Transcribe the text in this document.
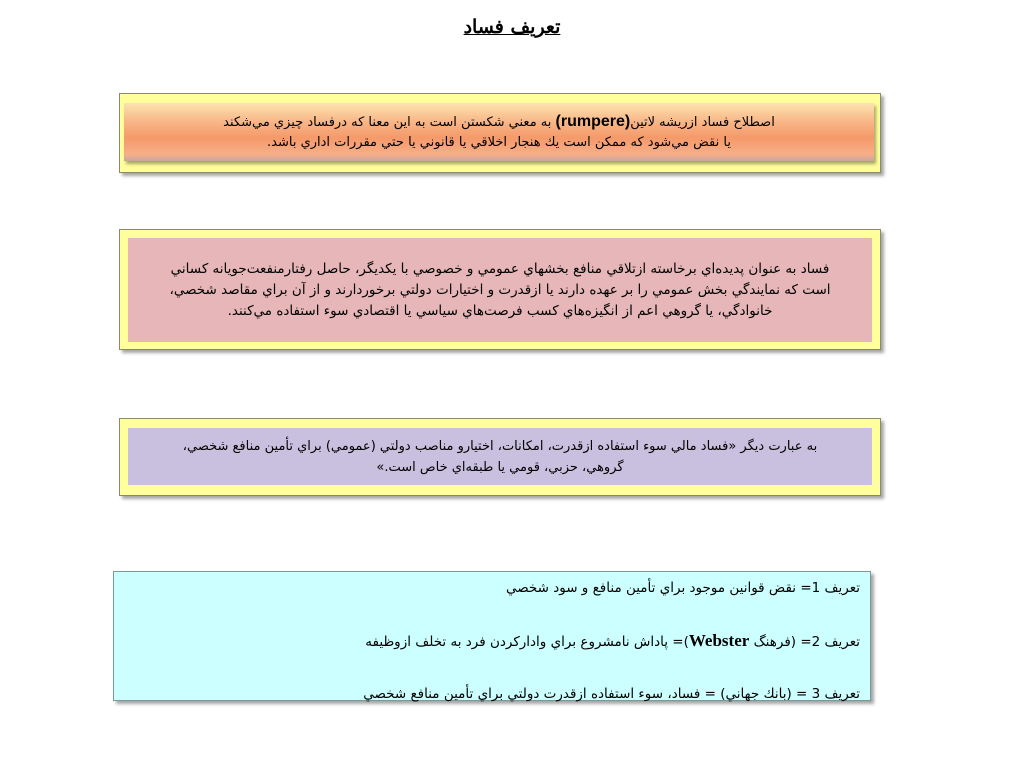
تعريف فساد

اصطلاح فساد ازريشه لاتين(rumpere) به معني شكستن است به اين معنا كه درفساد چيزي مي‌شكند

يا نقض مي‌شود كه ممكن است يك هنجار اخلاقي يا قانوني يا حتي مقررات اداري باشد.

فساد به عنوان پديده‌اي برخاسته ازتلاقي منافع بخشهاي عمومي و خصوصي با يكديگر، حاصل رفتارمنفعت‌جويانه كساني

است كه نمايندگي بخش عمومي را بر عهده دارند يا ازقدرت و اختيارات دولتي برخوردارند و از آن براي مقاصد شخصي،

خانوادگي، يا گروهي اعم از انگيزه‌هاي كسب فرصت‌هاي سياسي يا اقتصادي سوء استفاده مي‌كنند.

به عبارت ديگر «فساد مالي سوء استفاده ازقدرت، امكانات، اختيارو مناصب دولتي (عمومي) براي تأمين منافع شخصي،

گروهي، حزبي، قومي يا طبقه‌اي خاص است.»

تعريف 1= نقض قوانين موجود براي تأمين منافع و سود شخصي
تعريف 2= (فرهنگ Webster)= پاداش نامشروع براي وادارکردن فرد به تخلف ازوظيفه
تعريف 3 = (بانك جهاني) = فساد، سوء استفاده ازقدرت دولتي براي تأمين منافع شخصي
